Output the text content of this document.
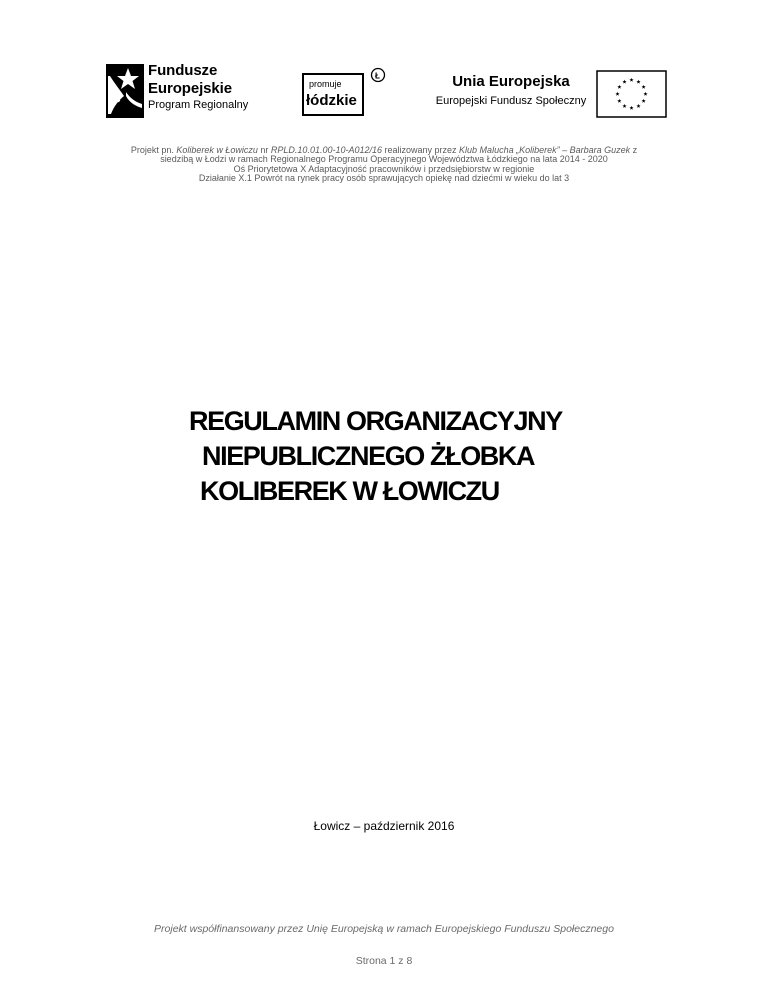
Fundusze
Europejskie
Program Regionalny
promuje
łódzkie
Ł	Unia Europejska
Europejski Fundusz Społeczny
Projekt pn. Koliberek w Łowiczu nr RPLD.10.01.00-10-A012/16 realizowany przez Klub Malucha „Koliberek” – Barbara Guzek z
siedzibą w Łodzi w ramach Regionalnego Programu Operacyjnego Województwa Łódzkiego na lata 2014 - 2020
Oś Priorytetowa X Adaptacyjność pracowników i przedsiębiorstw w regionie
Działanie X.1 Powrót na rynek pracy osób sprawujących opiekę nad dziećmi w wieku do lat 3
REGULAMIN ORGANIZACYJNY
NIEPUBLICZNEGO ŻŁOBKA
KOLIBEREK W ŁOWICZU
Łowicz – październik 2016
Projekt współfinansowany przez Unię Europejską w ramach Europejskiego Funduszu Społecznego
Strona 1 z 8
